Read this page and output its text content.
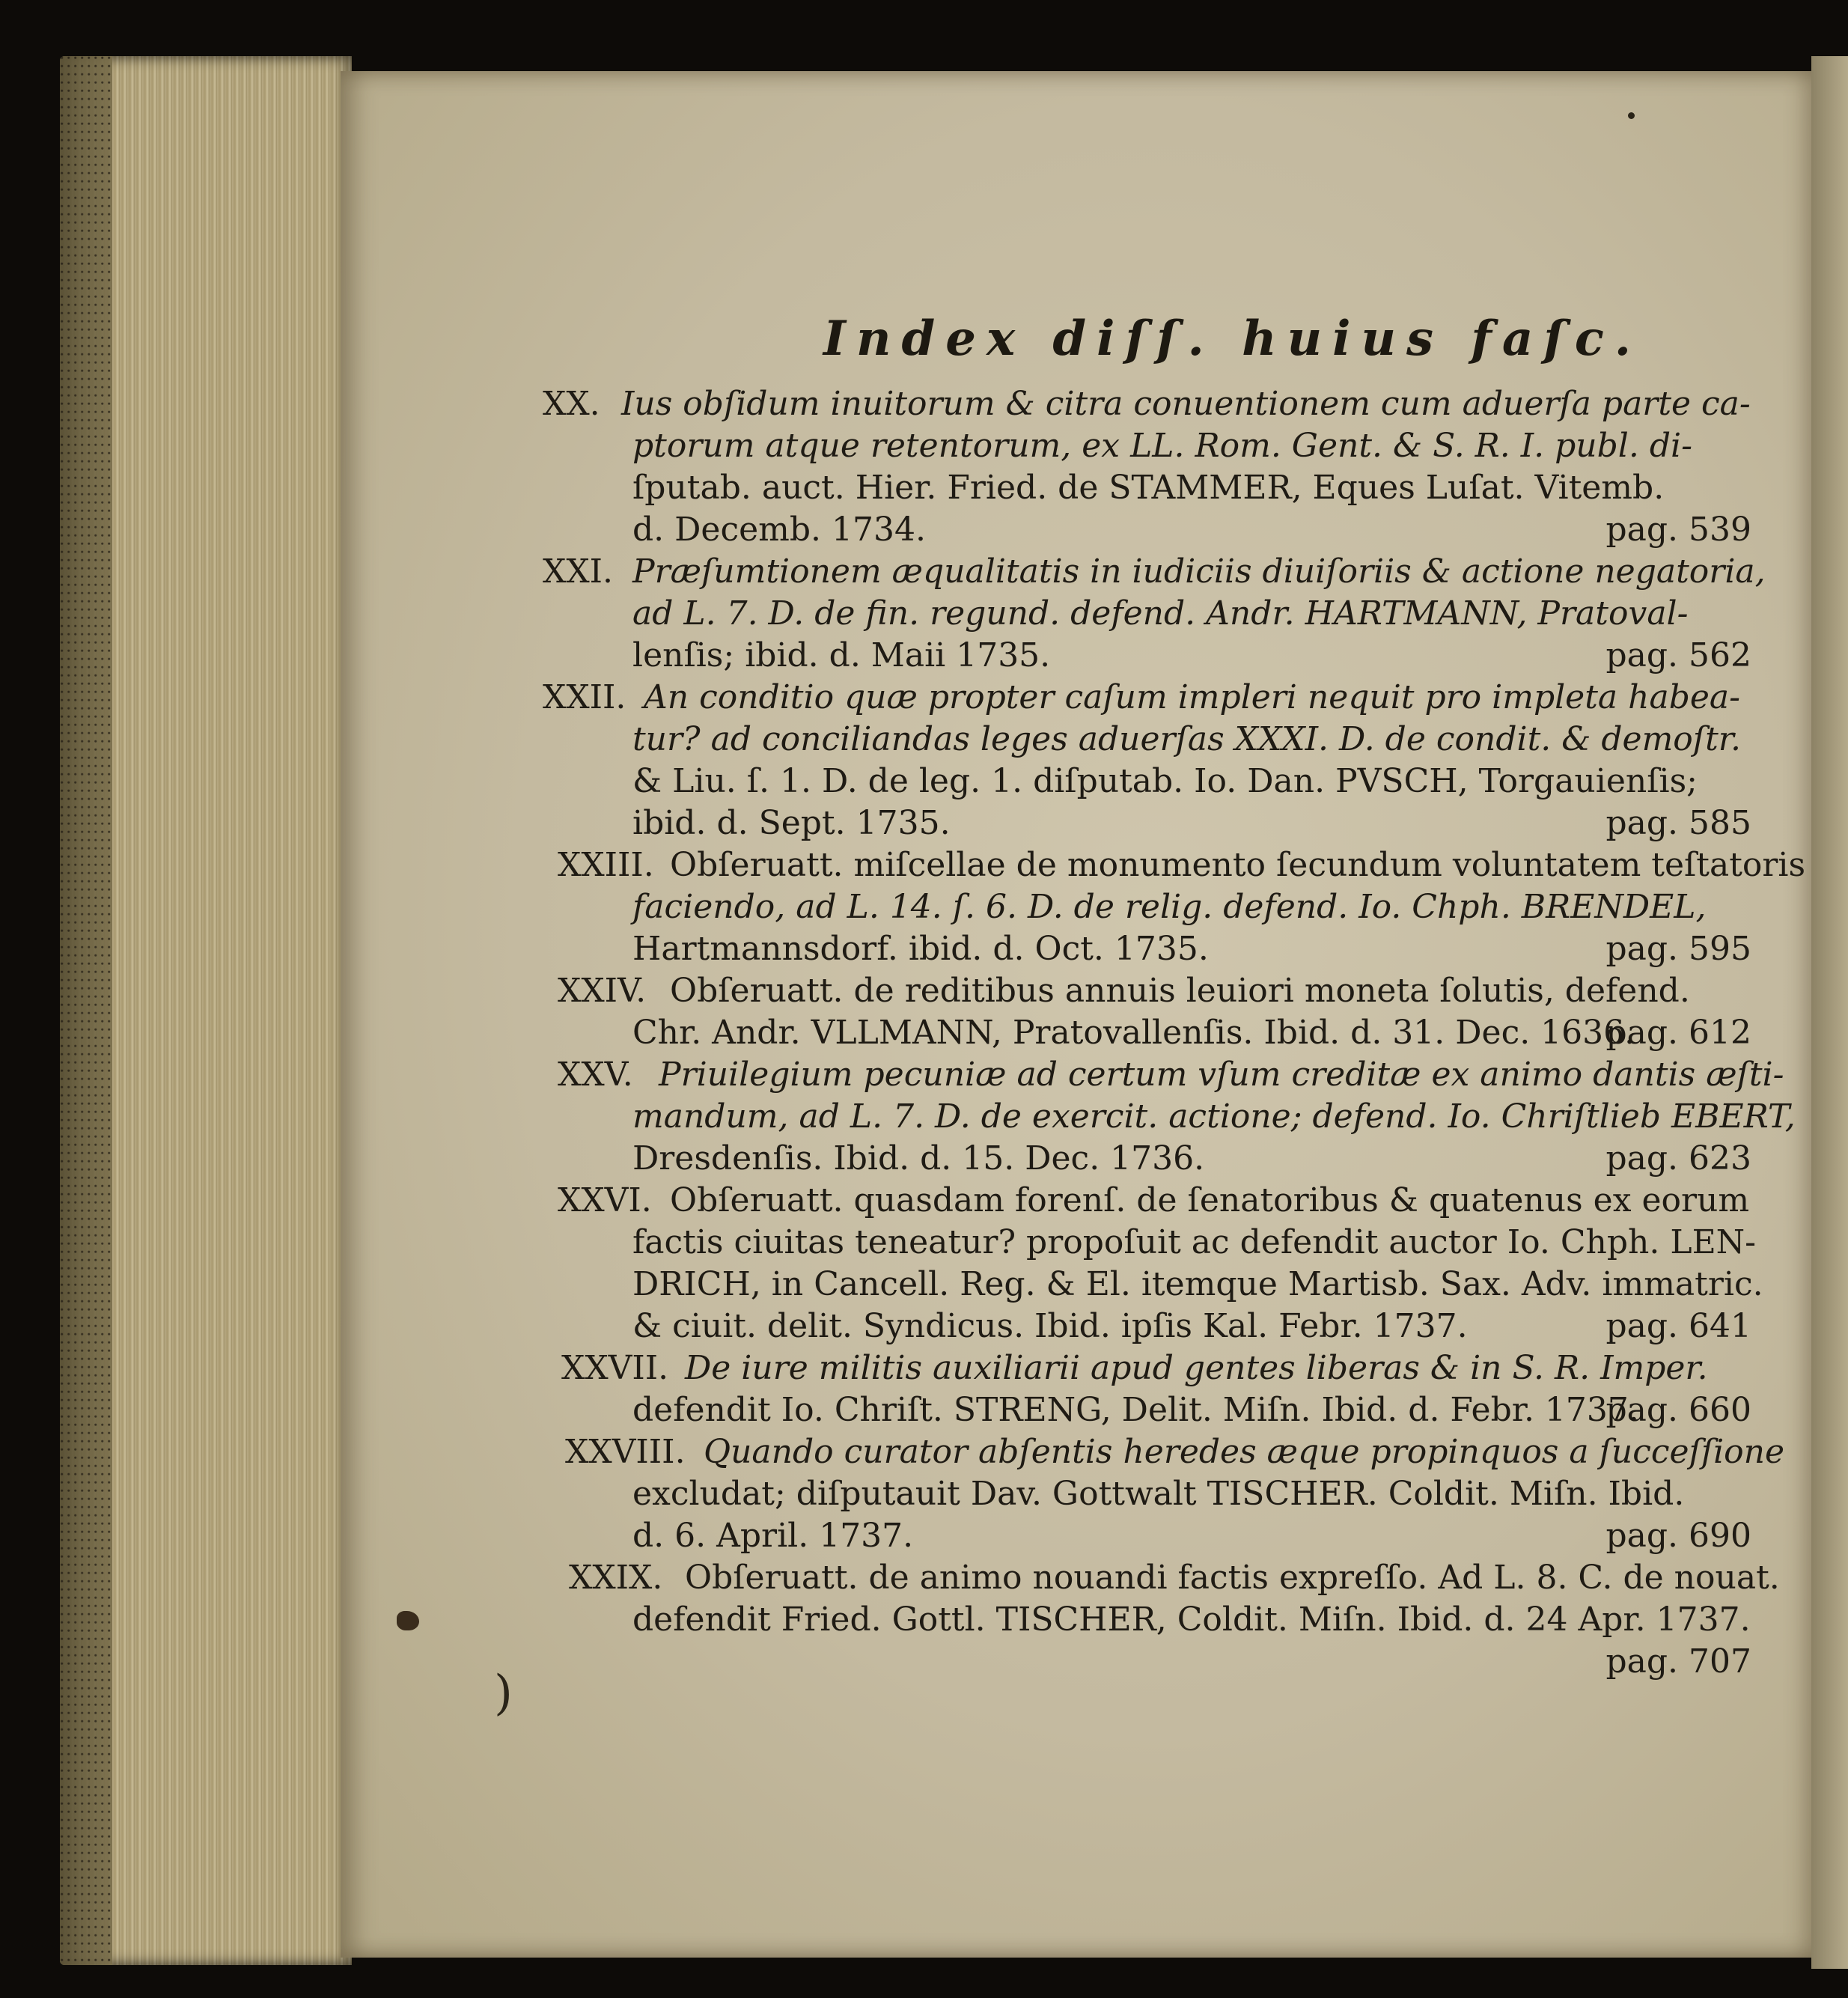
)
Index diſſ. huius faſc.
XX. Ius obſidum inuitorum & citra conuentionem cum aduerſa parte ca-
ptorum atque retentorum, ex LL. Rom. Gent. & S. R. I. publ. di-
ſputab. auct. Hier. Fried. de STAMMER, Eques Luſat. Vitemb.
d. Decemb. 1734.	pag. 539
XXI. Præſumtionem æqualitatis in iudiciis diuiſoriis & actione negatoria,
ad L. 7. D. de fin. regund. defend. Andr. HARTMANN, Pratoval-
lenſis; ibid. d. Maii 1735.	pag. 562
XXII. An conditio quæ propter caſum impleri nequit pro impleta habea-
tur? ad conciliandas leges aduerſas XXXI. D. de condit. & demoſtr.
& Liu. ſ. 1. D. de leg. 1. diſputab. Io. Dan. PVSCH, Torgauienſis;
ibid. d. Sept. 1735.	pag. 585
XXIII. Obſeruatt. miſcellae de monumento ſecundum voluntatem teſtatoris
faciendo, ad L. 14. ſ. 6. D. de relig. defend. Io. Chph. BRENDEL,
Hartmannsdorf. ibid. d. Oct. 1735.	pag. 595
XXIV. Obſeruatt. de reditibus annuis leuiori moneta ſolutis, defend.
Chr. Andr. VLLMANN, Pratovallenſis. Ibid. d. 31. Dec. 1636.
pag. 612
XXV. Priuilegium pecuniæ ad certum vſum creditæ ex animo dantis æſti-
mandum, ad L. 7. D. de exercit. actione; defend. Io. Chriſtlieb EBERT,
Dresdenſis. Ibid. d. 15. Dec. 1736.	pag. 623
XXVI. Obſeruatt. quasdam forenſ. de ſenatoribus & quatenus ex eorum
factis ciuitas teneatur? propoſuit ac defendit auctor Io. Chph. LEN-
DRICH, in Cancell. Reg. & El. itemque Martisb. Sax. Adv. immatric.
& ciuit. delit. Syndicus. Ibid. ipſis Kal. Febr. 1737.	pag. 641
XXVII. De iure militis auxiliarii apud gentes liberas & in S. R. Imper.
defendit Io. Chriſt. STRENG, Delit. Miſn. Ibid. d. Febr. 1737.
pag. 660
XXVIII. Quando curator abſentis heredes æque propinquos a ſucceſſione
excludat; diſputauit Dav. Gottwalt TISCHER. Coldit. Miſn. Ibid.
d. 6. April. 1737.	pag. 690
XXIX. Obſeruatt. de animo nouandi factis expreſſo. Ad L. 8. C. de nouat.
defendit Fried. Gottl. TISCHER, Coldit. Miſn. Ibid. d. 24 Apr. 1737.
pag. 707
